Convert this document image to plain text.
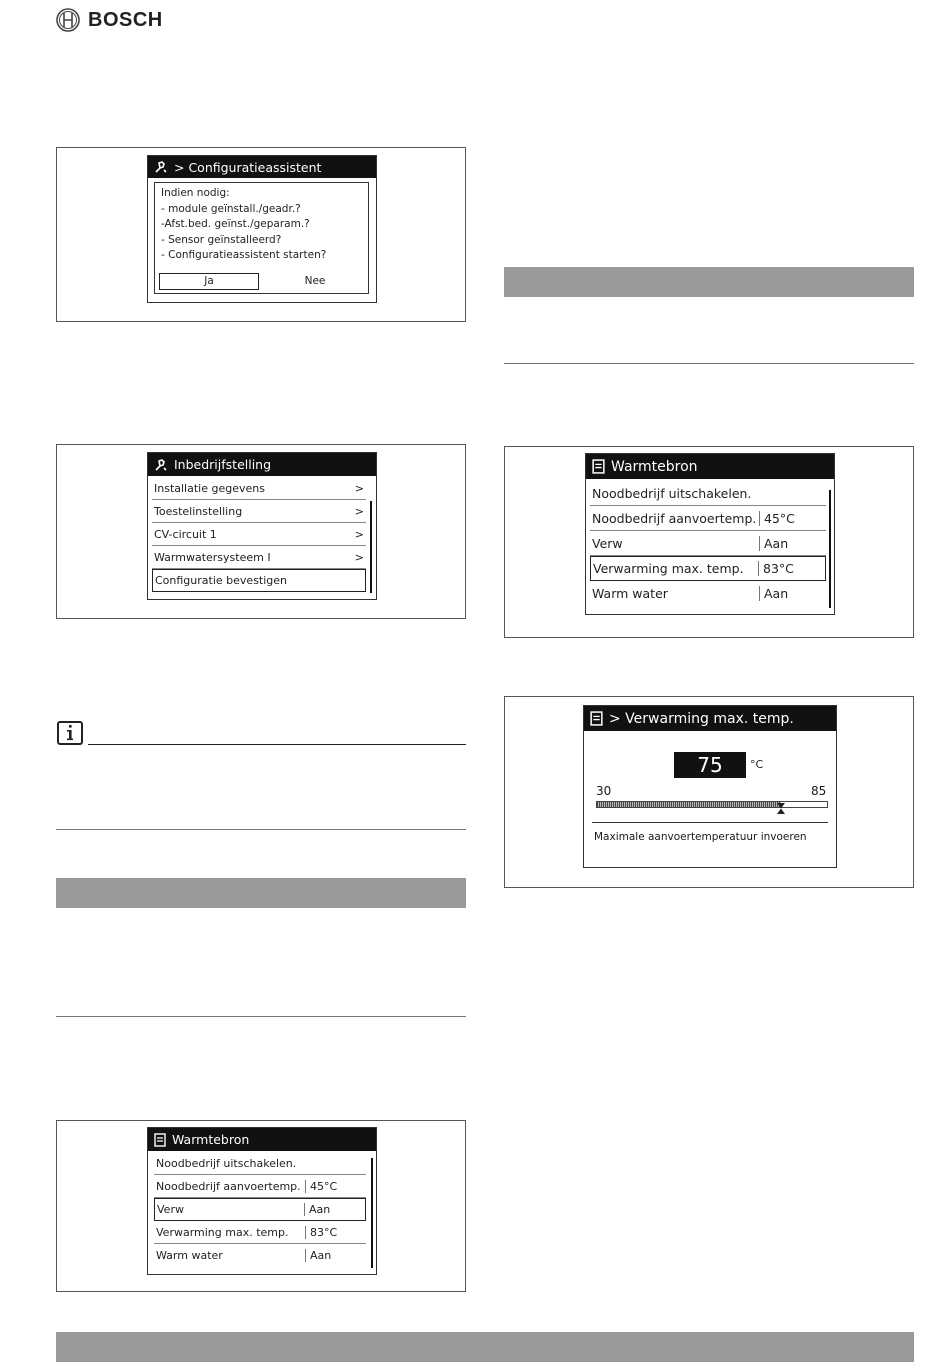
BOSCH
> Configuratieassistent
Indien nodig:
- module geïnstall./geadr.?
-Afst.bed. geïnst./geparam.?
- Sensor geïnstalleerd?
- Configuratieassistent starten?
Ja	Nee
Inbedrijfstelling
Installatie gegevens	>
Toestelinstelling	>
CV-circuit 1	>
Warmwatersysteem I	>
Configuratie bevestigen
Warmtebron
Noodbedrijf uitschakelen.
Noodbedrijf aanvoertemp. 45°C
Verw	Aan
Verwarming max. temp.	83°C
Warm water	Aan
Warmtebron
Noodbedrijf uitschakelen.
Noodbedrijf aanvoertemp. 45°C
Verw	Aan
Verwarming max. temp.	83°C
Warm water	Aan
> Verwarming max. temp.
75	°C
30	85
Maximale aanvoertemperatuur invoeren
